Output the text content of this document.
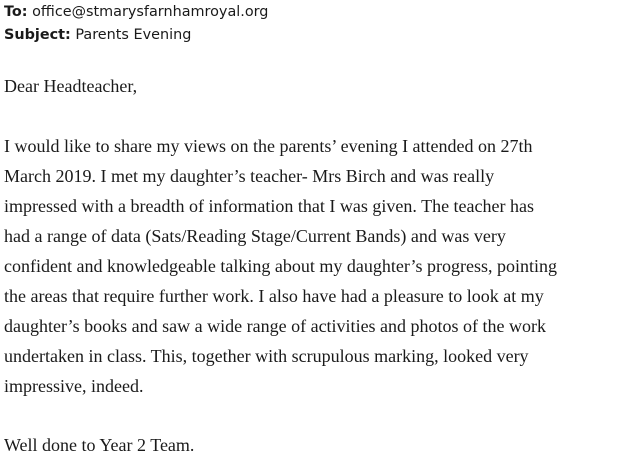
To: office@stmarysfarnhamroyal.org
Subject: Parents Evening
Dear Headteacher,
I would like to share my views on the parents’ evening I attended on 27th
March 2019. I met my daughter’s teacher- Mrs Birch and was really
impressed with a breadth of information that I was given. The teacher has
had a range of data (Sats/Reading Stage/Current Bands) and was very
confident and knowledgeable talking about my daughter’s progress, pointing
the areas that require further work. I also have had a pleasure to look at my
daughter’s books and saw a wide range of activities and photos of the work
undertaken in class. This, together with scrupulous marking, looked very
impressive, indeed.
Well done to Year 2 Team.
